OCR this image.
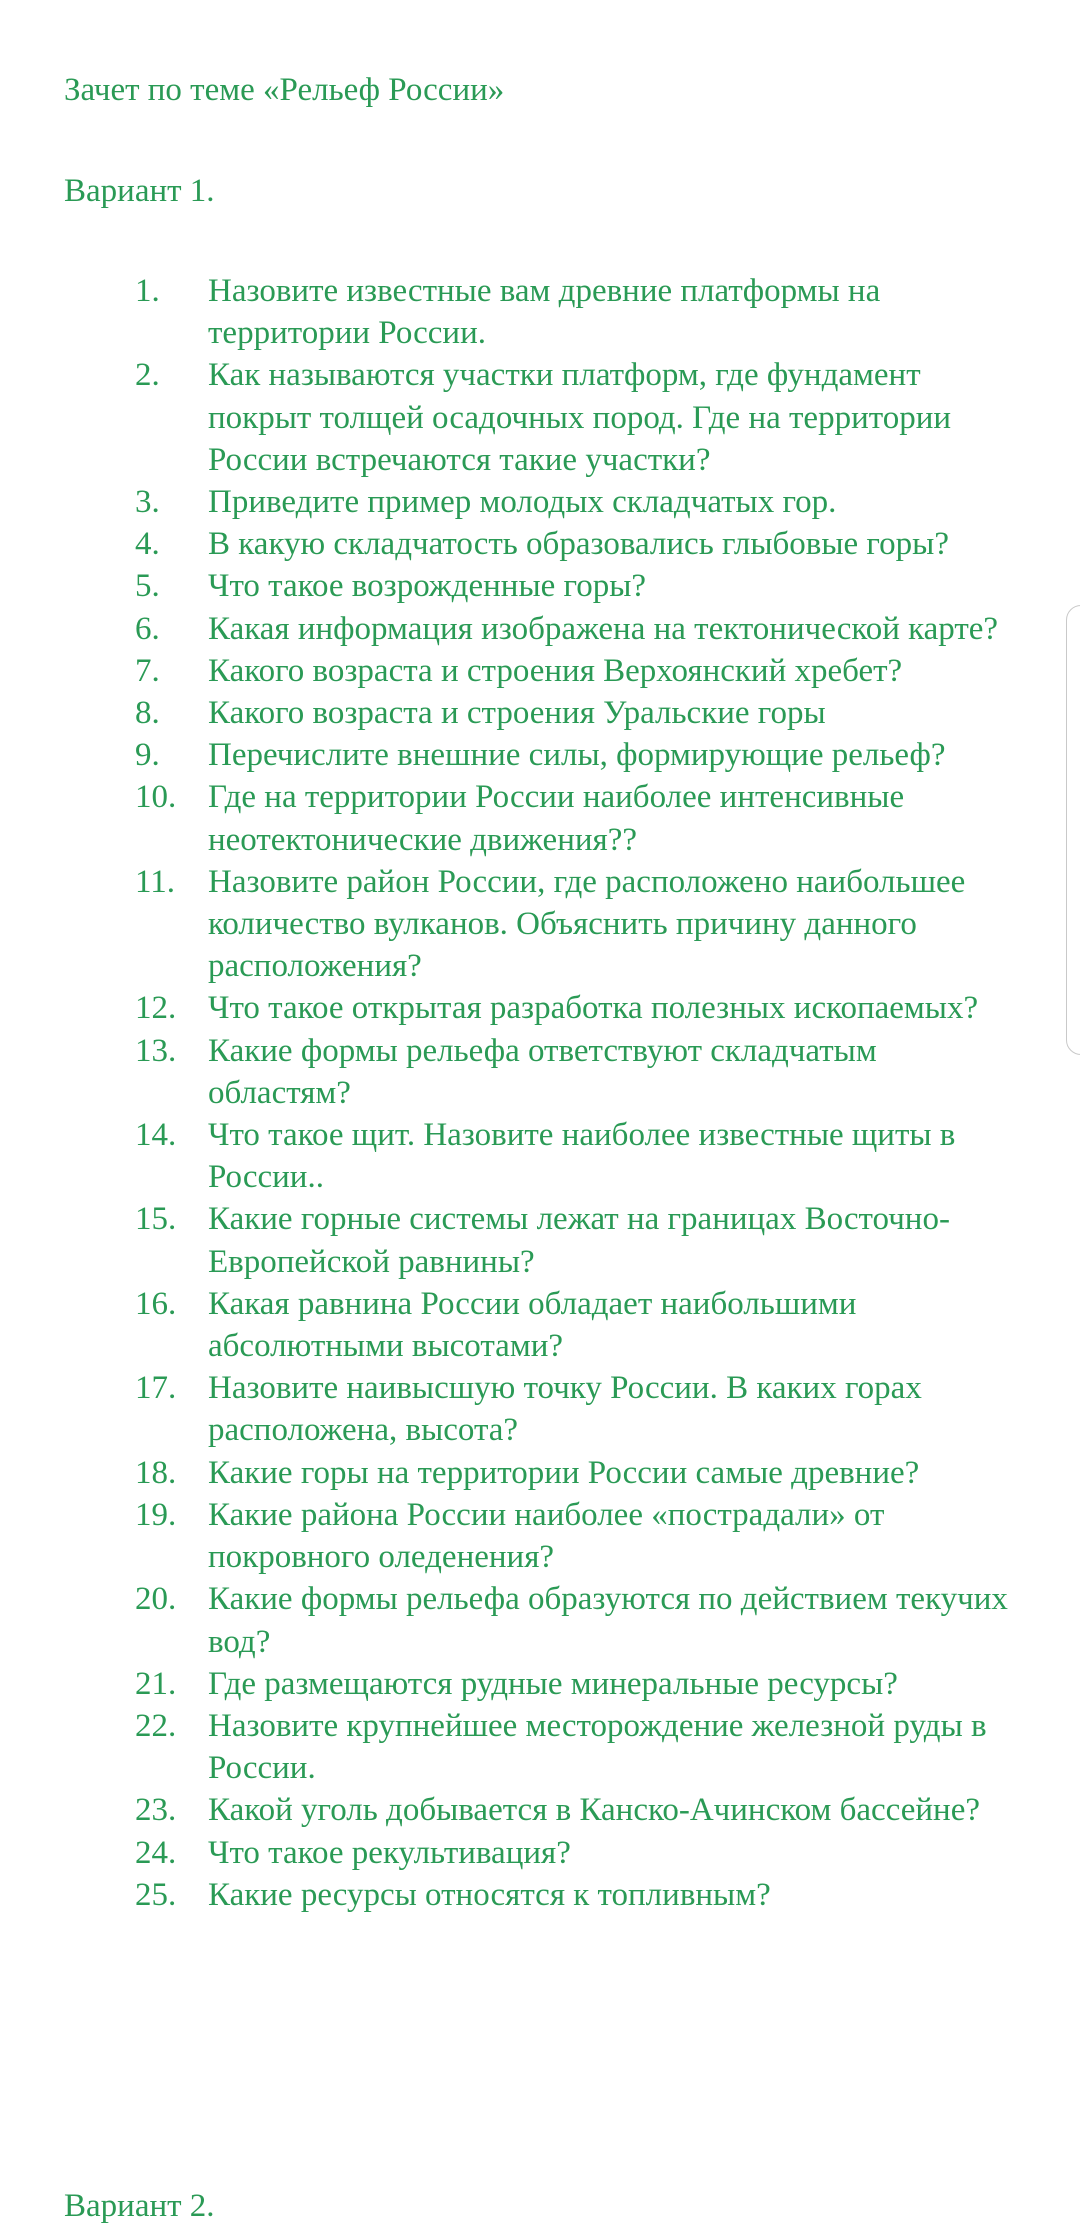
Зачет по теме «Рельеф России»
Вариант 1.
1.	Назовите известные вам древние платформы на территории России.
2.	Как называются участки платформ, где фундамент покрыт толщей осадочных пород. Где на территории России встречаются такие участки?
3.	Приведите пример молодых складчатых гор.
4.	В какую складчатость образовались глыбовые горы?
5.	Что такое возрожденные горы?
6.	Какая информация изображена на тектонической карте?
7.	Какого возраста и строения Верхоянский хребет?
8.	Какого возраста и строения Уральские горы
9.	Перечислите внешние силы, формирующие рельеф?
10. Где на территории России наиболее интенсивные неотектонические движения??
11. Назовите район России, где расположено наибольшее количество вулканов. Объяснить причину данного расположения?
12. Что такое открытая разработка полезных ископаемых?
13. Какие формы рельефа ответствуют складчатым областям?
14. Что такое щит. Назовите наиболее известные щиты в России..
15. Какие горные системы лежат на границах Восточно-Европейской равнины?
16. Какая равнина России обладает наибольшими абсолютными высотами?
17. Назовите наивысшую точку России. В каких горах расположена, высота?
18. Какие горы на территории России самые древние?
19. Какие района России наиболее «пострадали» от покровного оледенения?
20. Какие формы рельефа образуются по действием текучих вод?
21. Где размещаются рудные минеральные ресурсы?
22. Назовите крупнейшее месторождение железной руды в России.
23. Какой уголь добывается в Канско-Ачинском бассейне?
24. Что такое рекультивация?
25. Какие ресурсы относятся к топливным?
Вариант 2.
